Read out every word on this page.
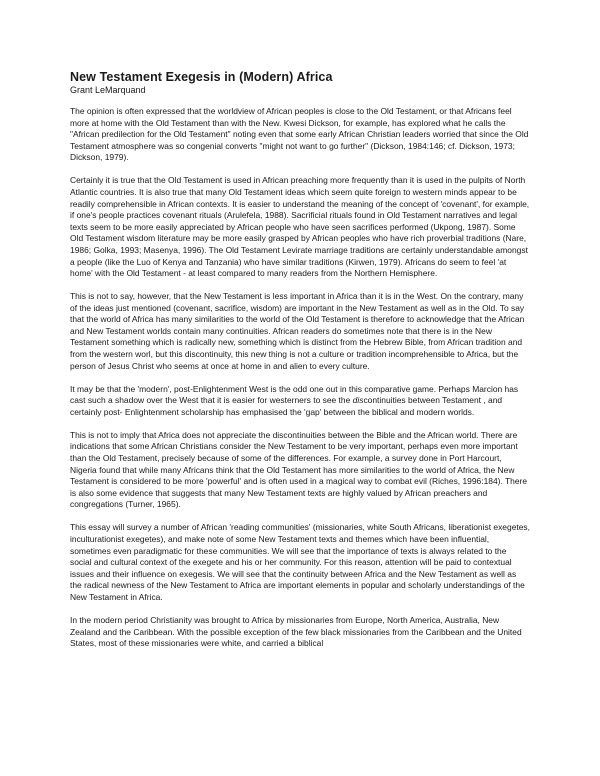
New Testament Exegesis in (Modern) Africa
Grant LeMarquand

The opinion is often expressed that the worldview of African peoples is close to the Old Testament, or that Africans feel more at home with the Old Testament than with the New. Kwesi Dickson, for example, has explored what he calls the "African predilection for the Old Testament" noting even that some early African Christian leaders worried that since the Old Testament atmosphere was so congenial converts "might not want to go further" (Dickson, 1984:146; cf. Dickson, 1973; Dickson, 1979).

Certainly it is true that the Old Testament is used in African preaching more frequently than it is used in the pulpits of North Atlantic countries. It is also true that many Old Testament ideas which seem quite foreign to western minds appear to be readily comprehensible in African contexts. It is easier to understand the meaning of the concept of 'covenant', for example, if one's people practices covenant rituals (Arulefela, 1988). Sacrificial rituals found in Old Testament narratives and legal texts seem to be more easily appreciated by African people who have seen sacrifices performed (Ukpong, 1987). Some Old Testament wisdom literature may be more easily grasped by African peoples who have rich proverbial traditions (Nare, 1986; Golka, 1993; Masenya, 1996). The Old Testament Levirate marriage traditions are certainly understandable amongst a people (like the Luo of Kenya and Tanzania) who have similar traditions (Kirwen, 1979). Africans do seem to feel 'at home' with the Old Testament - at least compared to many readers from the Northern Hemisphere.

This is not to say, however, that the New Testament is less important in Africa than it is in the West. On the contrary, many of the ideas just mentioned (covenant, sacrifice, wisdom) are important in the New Testament as well as in the Old. To say that the world of Africa has many similarities to the world of the Old Testament is therefore to acknowledge that the African and New Testament worlds contain many continuities. African readers do sometimes note that there is in the New Testament something which is radically new, something which is distinct from the Hebrew Bible, from African tradition and from the western worl, but this discontinuity, this new thing is not a culture or tradition incomprehensible to Africa, but the person of Jesus Christ who seems at once at home in and alien to every culture.

It may be that the 'modern', post-Enlightenment West is the odd one out in this comparative game. Perhaps Marcion has cast such a shadow over the West that it is easier for westerners to see the discontinuities between Testament , and certainly post- Enlightenment scholarship has emphasised the 'gap' between the biblical and modern worlds.

This is not to imply that Africa does not appreciate the discontinuities between the Bible and the African world. There are indications that some African Christians consider the New Testament to be very important, perhaps even more important than the Old Testament, precisely because of some of the differences. For example, a survey done in Port Harcourt, Nigeria found that while many Africans think that the Old Testament has more similarities to the world of Africa, the New Testament is considered to be more 'powerful' and is often used in a magical way to combat evil (Riches, 1996:184). There is also some evidence that suggests that many New Testament texts are highly valued by African preachers and congregations (Turner, 1965).

This essay will survey a number of African 'reading communities' (missionaries, white South Africans, liberationist exegetes, inculturationist exegetes), and make note of some New Testament texts and themes which have been influential, sometimes even paradigmatic for these communities. We will see that the importance of texts is always related to the social and cultural context of the exegete and his or her community. For this reason, attention will be paid to contextual issues and their influence on exegesis. We will see that the continuity between Africa and the New Testament as well as the radical newness of the New Testament to Africa are important elements in popular and scholarly understandings of the New Testament in Africa.

In the modern period Christianity was brought to Africa by missionaries from Europe, North America, Australia, New Zealand and the Caribbean. With the possible exception of the few black missionaries from the Caribbean and the United States, most of these missionaries were white, and carried a biblical
